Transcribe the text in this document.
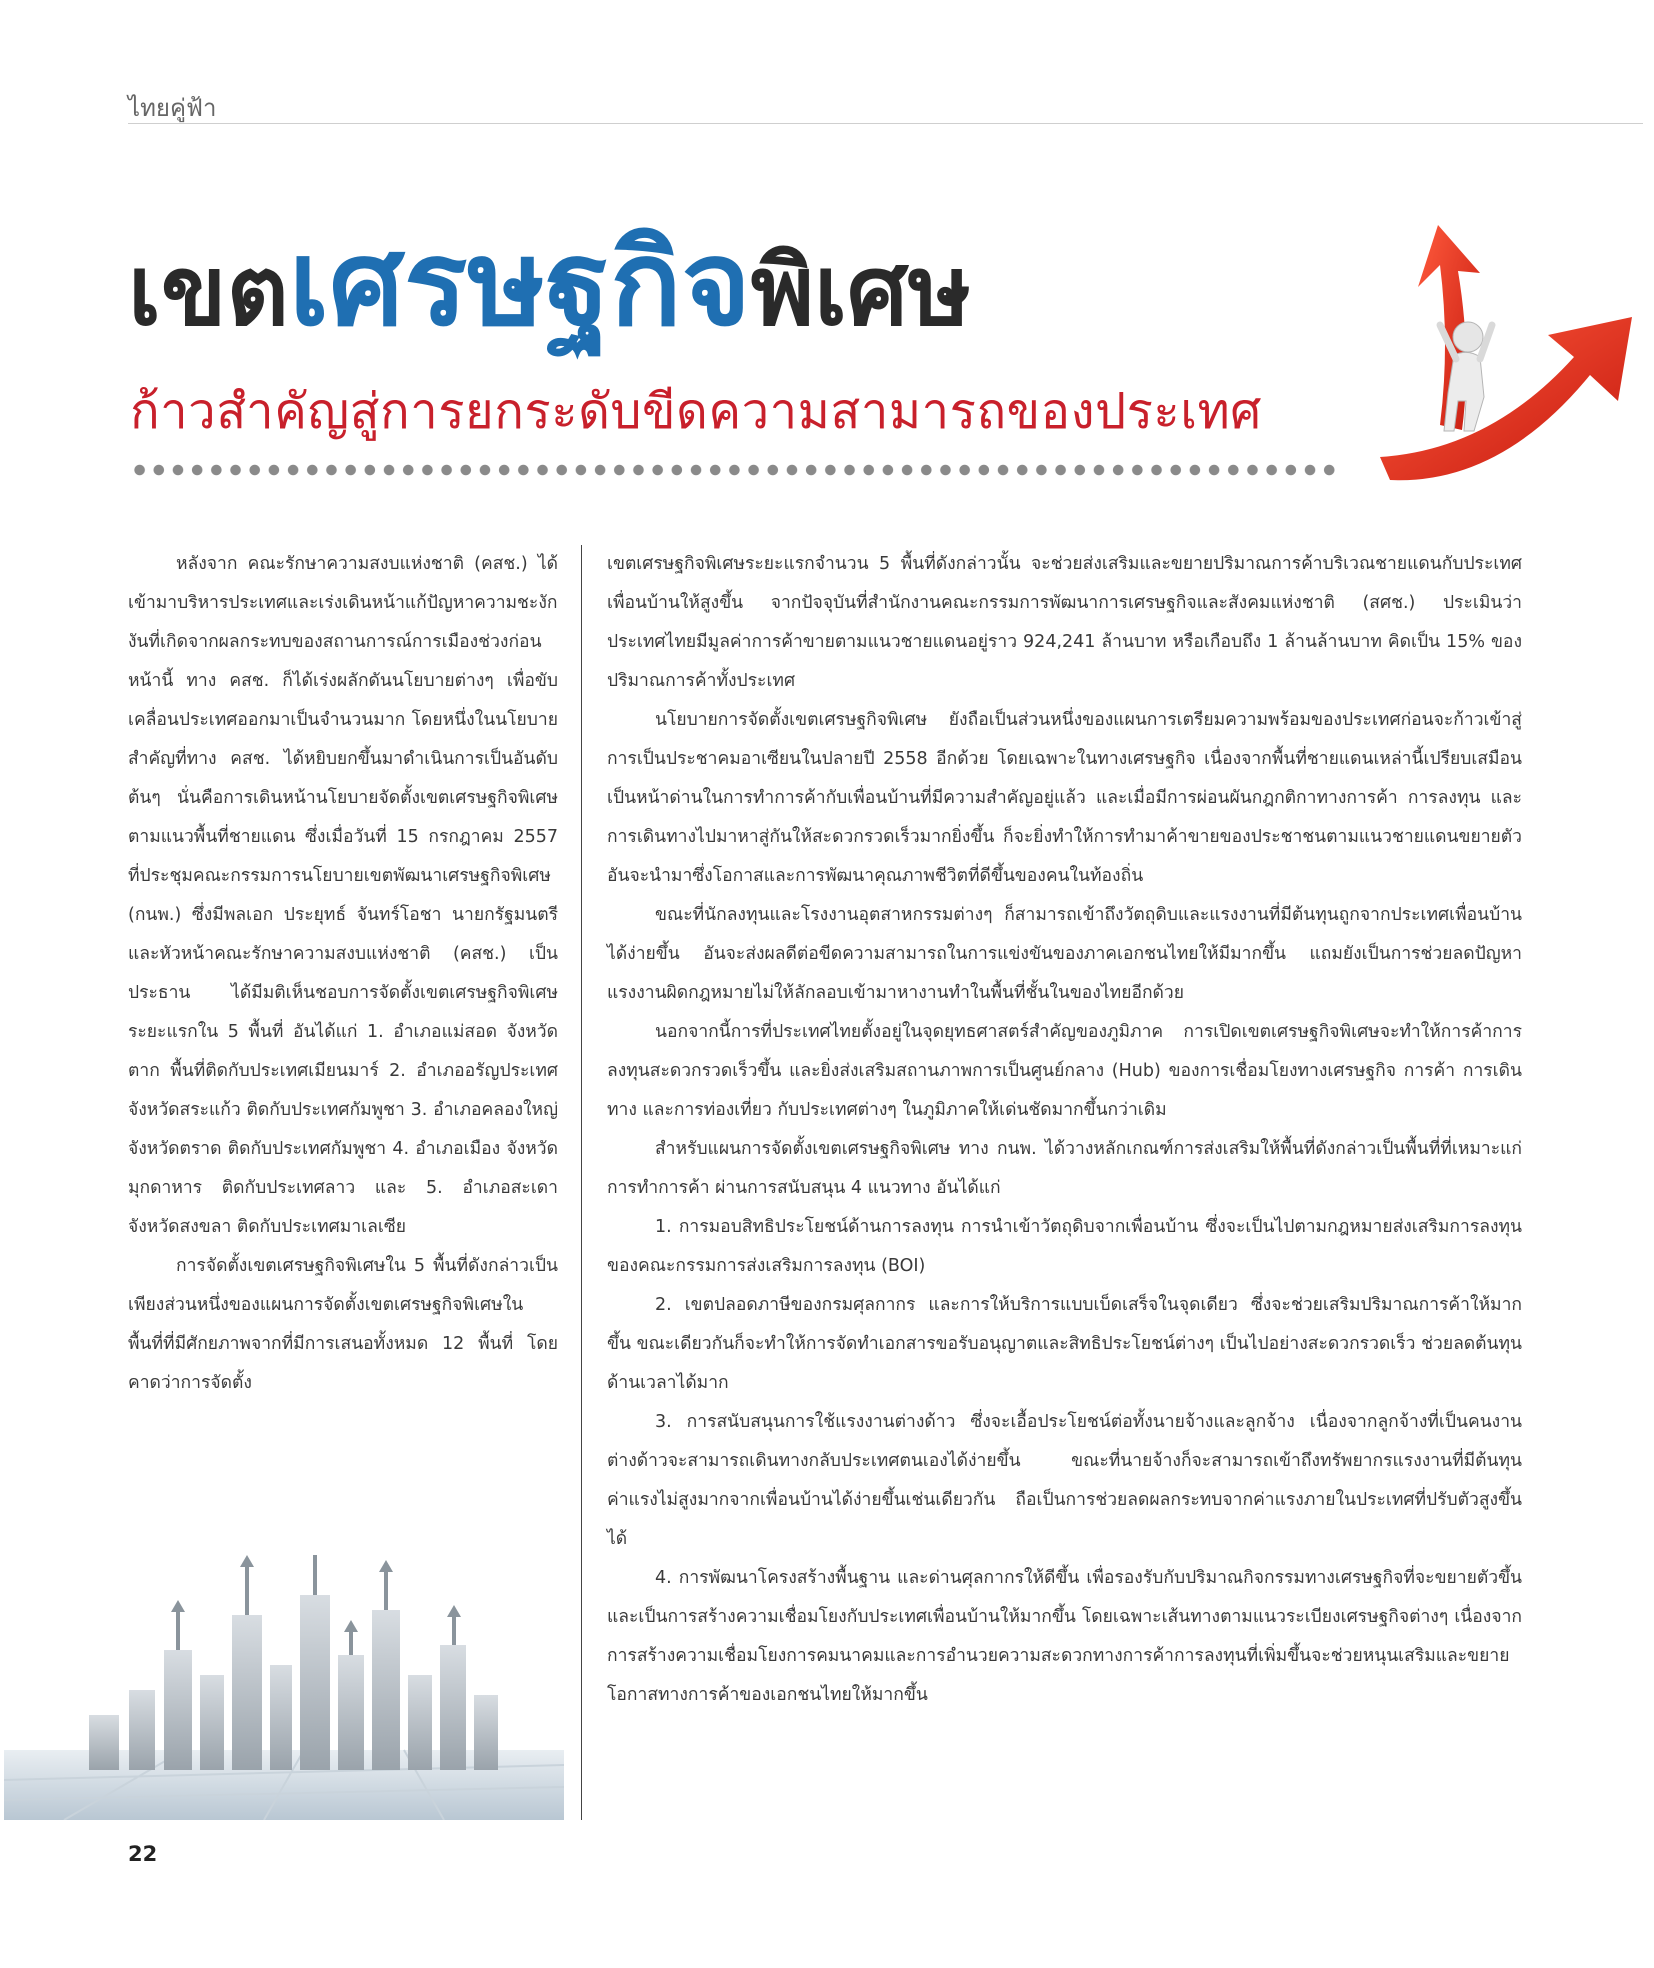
ไทยคู่ฟ้า
เขตเศรษฐกิจพิเศษ
ก้าวสำคัญสู่การยกระดับขีดความสามารถของประเทศ

หลังจาก คณะรักษาความสงบแห่งชาติ (คสช.) ได้เข้ามาบริหารประเทศและเร่งเดินหน้าแก้ปัญหาความชะงักงันที่เกิดจากผลกระทบของสถานการณ์การเมืองช่วงก่อนหน้านี้ ทาง คสช. ก็ได้เร่งผลักดันนโยบายต่างๆ เพื่อขับเคลื่อนประเทศออกมาเป็นจำนวนมาก โดยหนึ่งในนโยบายสำคัญที่ทาง คสช. ได้หยิบยกขึ้นมาดำเนินการเป็นอันดับต้นๆ นั่นคือการเดินหน้านโยบายจัดตั้งเขตเศรษฐกิจพิเศษตามแนวพื้นที่ชายแดน ซึ่งเมื่อวันที่ 15 กรกฎาคม 2557 ที่ประชุมคณะกรรมการนโยบายเขตพัฒนาเศรษฐกิจพิเศษ (กนพ.) ซึ่งมีพลเอก ประยุทธ์ จันทร์โอชา นายกรัฐมนตรีและหัวหน้าคณะรักษาความสงบแห่งชาติ (คสช.) เป็นประธาน ได้มีมติเห็นชอบการจัดตั้งเขตเศรษฐกิจพิเศษระยะแรกใน 5 พื้นที่ อันได้แก่ 1. อำเภอแม่สอด จังหวัดตาก พื้นที่ติดกับประเทศเมียนมาร์ 2. อำเภออรัญประเทศ จังหวัดสระแก้ว ติดกับประเทศกัมพูชา 3. อำเภอคลองใหญ่ จังหวัดตราด ติดกับประเทศกัมพูชา 4. อำเภอเมือง จังหวัดมุกดาหาร ติดกับประเทศลาว และ 5. อำเภอสะเดา จังหวัดสงขลา ติดกับประเทศมาเลเซีย

การจัดตั้งเขตเศรษฐกิจพิเศษใน 5 พื้นที่ดังกล่าวเป็นเพียงส่วนหนึ่งของแผนการจัดตั้งเขตเศรษฐกิจพิเศษในพื้นที่ที่มีศักยภาพจากที่มีการเสนอทั้งหมด 12 พื้นที่ โดยคาดว่าการจัดตั้ง

เขตเศรษฐกิจพิเศษระยะแรกจำนวน 5 พื้นที่ดังกล่าวนั้น จะช่วยส่งเสริมและขยายปริมาณการค้าบริเวณชายแดนกับประเทศเพื่อนบ้านให้สูงขึ้น จากปัจจุบันที่สำนักงานคณะกรรมการพัฒนาการเศรษฐกิจและสังคมแห่งชาติ (สศช.) ประเมินว่าประเทศไทยมีมูลค่าการค้าขายตามแนวชายแดนอยู่ราว 924,241 ล้านบาท หรือเกือบถึง 1 ล้านล้านบาท คิดเป็น 15% ของปริมาณการค้าทั้งประเทศ

นโยบายการจัดตั้งเขตเศรษฐกิจพิเศษ ยังถือเป็นส่วนหนึ่งของแผนการเตรียมความพร้อมของประเทศก่อนจะก้าวเข้าสู่การเป็นประชาคมอาเซียนในปลายปี 2558 อีกด้วย โดยเฉพาะในทางเศรษฐกิจ เนื่องจากพื้นที่ชายแดนเหล่านี้เปรียบเสมือนเป็นหน้าด่านในการทำการค้ากับเพื่อนบ้านที่มีความสำคัญอยู่แล้ว และเมื่อมีการผ่อนผันกฎกติกาทางการค้า การลงทุน และการเดินทางไปมาหาสู่กันให้สะดวกรวดเร็วมากยิ่งขึ้น ก็จะยิ่งทำให้การทำมาค้าขายของประชาชนตามแนวชายแดนขยายตัว อันจะนำมาซึ่งโอกาสและการพัฒนาคุณภาพชีวิตที่ดีขึ้นของคนในท้องถิ่น

ขณะที่นักลงทุนและโรงงานอุตสาหกรรมต่างๆ ก็สามารถเข้าถึงวัตถุดิบและแรงงานที่มีต้นทุนถูกจากประเทศเพื่อนบ้านได้ง่ายขึ้น อันจะส่งผลดีต่อขีดความสามารถในการแข่งขันของภาคเอกชนไทยให้มีมากขึ้น แถมยังเป็นการช่วยลดปัญหาแรงงานผิดกฎหมายไม่ให้ลักลอบเข้ามาหางานทำในพื้นที่ชั้นในของไทยอีกด้วย

นอกจากนี้การที่ประเทศไทยตั้งอยู่ในจุดยุทธศาสตร์สำคัญของภูมิภาค การเปิดเขตเศรษฐกิจพิเศษจะทำให้การค้าการลงทุนสะดวกรวดเร็วขึ้น และยิ่งส่งเสริมสถานภาพการเป็นศูนย์กลาง (Hub) ของการเชื่อมโยงทางเศรษฐกิจ การค้า การเดินทาง และการท่องเที่ยว กับประเทศต่างๆ ในภูมิภาคให้เด่นชัดมากขึ้นกว่าเดิม

สำหรับแผนการจัดตั้งเขตเศรษฐกิจพิเศษ ทาง กนพ. ได้วางหลักเกณฑ์การส่งเสริมให้พื้นที่ดังกล่าวเป็นพื้นที่ที่เหมาะแก่การทำการค้า ผ่านการสนับสนุน 4 แนวทาง อันได้แก่

1. การมอบสิทธิประโยชน์ด้านการลงทุน การนำเข้าวัตถุดิบจากเพื่อนบ้าน ซึ่งจะเป็นไปตามกฎหมายส่งเสริมการลงทุนของคณะกรรมการส่งเสริมการลงทุน (BOI)

2. เขตปลอดภาษีของกรมศุลกากร และการให้บริการแบบเบ็ดเสร็จในจุดเดียว ซึ่งจะช่วยเสริมปริมาณการค้าให้มากขึ้น ขณะเดียวกันก็จะทำให้การจัดทำเอกสารขอรับอนุญาตและสิทธิประโยชน์ต่างๆ เป็นไปอย่างสะดวกรวดเร็ว ช่วยลดต้นทุนด้านเวลาได้มาก

3. การสนับสนุนการใช้แรงงานต่างด้าว ซึ่งจะเอื้อประโยชน์ต่อทั้งนายจ้างและลูกจ้าง เนื่องจากลูกจ้างที่เป็นคนงานต่างด้าวจะสามารถเดินทางกลับประเทศตนเองได้ง่ายขึ้น ขณะที่นายจ้างก็จะสามารถเข้าถึงทรัพยากรแรงงานที่มีต้นทุนค่าแรงไม่สูงมากจากเพื่อนบ้านได้ง่ายขึ้นเช่นเดียวกัน ถือเป็นการช่วยลดผลกระทบจากค่าแรงภายในประเทศที่ปรับตัวสูงขึ้นได้

4. การพัฒนาโครงสร้างพื้นฐาน และด่านศุลกากรให้ดีขึ้น เพื่อรองรับกับปริมาณกิจกรรมทางเศรษฐกิจที่จะขยายตัวขึ้น และเป็นการสร้างความเชื่อมโยงกับประเทศเพื่อนบ้านให้มากขึ้น โดยเฉพาะเส้นทางตามแนวระเบียงเศรษฐกิจต่างๆ เนื่องจากการสร้างความเชื่อมโยงการคมนาคมและการอำนวยความสะดวกทางการค้าการลงทุนที่เพิ่มขึ้นจะช่วยหนุนเสริมและขยายโอกาสทางการค้าของเอกชนไทยให้มากขึ้น

22
